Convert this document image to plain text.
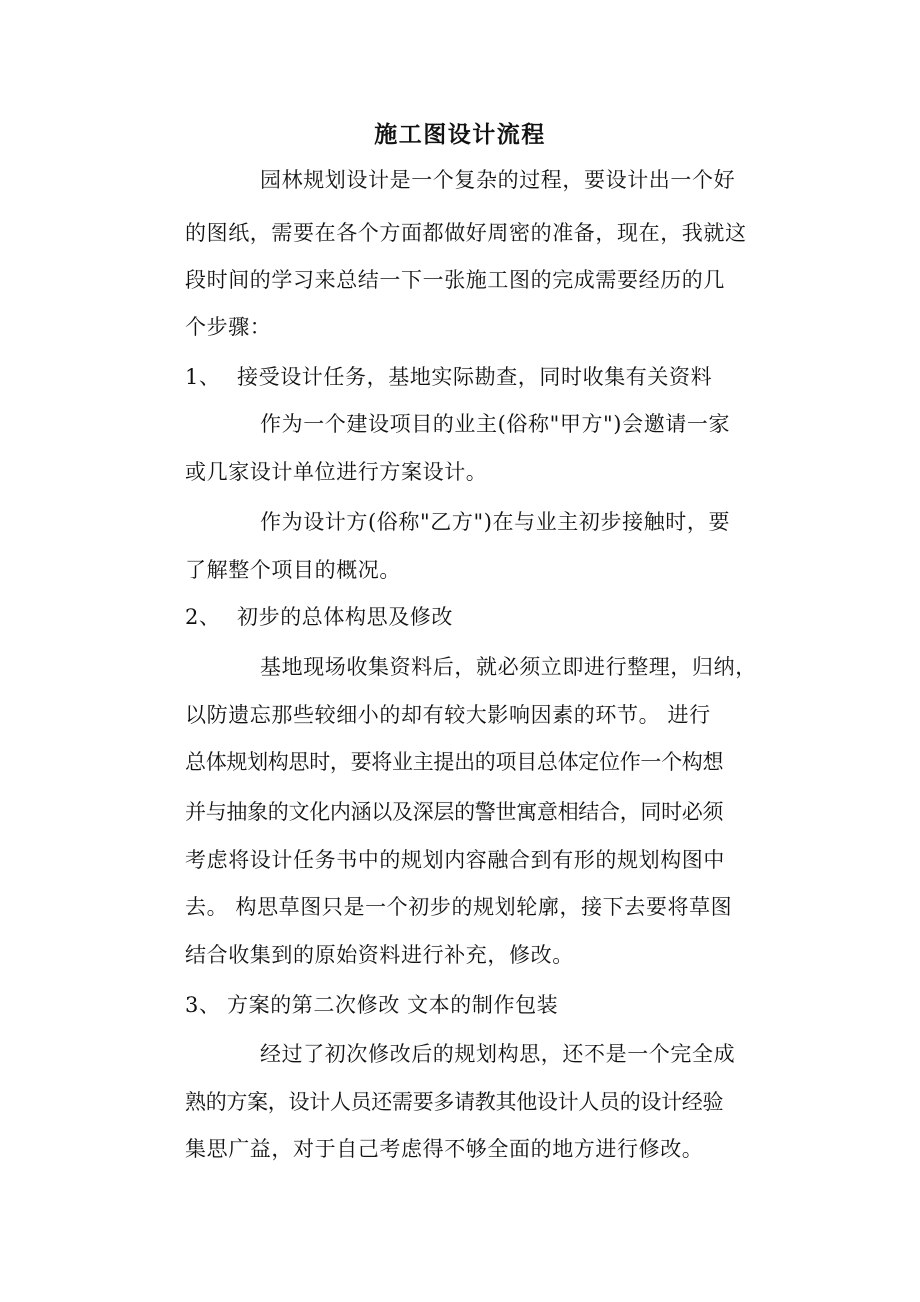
施工图设计流程
园林规划设计是一个复杂的过程，要设计出一个好
的图纸，需要在各个方面都做好周密的准备，现在，我就这
段时间的学习来总结一下一张施工图的完成需要经历的几
个步骤：
1、 接受设计任务，基地实际勘查，同时收集有关资料
作为一个建设项目的业主(俗称"甲方")会邀请一家
或几家设计单位进行方案设计。
作为设计方(俗称"乙方")在与业主初步接触时，要
了解整个项目的概况。
2、 初步的总体构思及修改
基地现场收集资料后，就必须立即进行整理，归纳，
以防遗忘那些较细小的却有较大影响因素的环节。 进行
总体规划构思时，要将业主提出的项目总体定位作一个构想
并与抽象的文化内涵以及深层的警世寓意相结合，同时必须
考虑将设计任务书中的规划内容融合到有形的规划构图中
去。 构思草图只是一个初步的规划轮廓，接下去要将草图
结合收集到的原始资料进行补充，修改。
3、 方案的第二次修改 文本的制作包装
经过了初次修改后的规划构思，还不是一个完全成
熟的方案，设计人员还需要多请教其他设计人员的设计经验
集思广益，对于自己考虑得不够全面的地方进行修改。
